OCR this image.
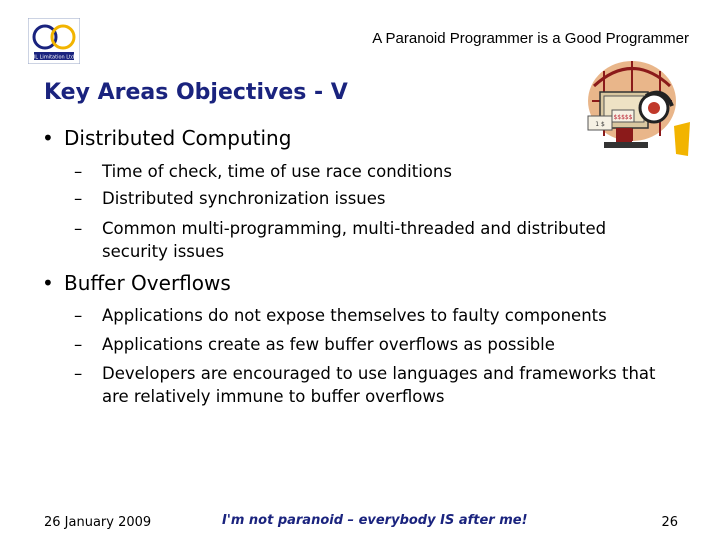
IL Limitation Ltd
A Paranoid Programmer is a Good Programmer
Key Areas Objectives - V
$$$$$
1 $
• Distributed Computing
–	Time of check, time of use race conditions
–	Distributed synchronization issues
–	Common multi-programming, multi-threaded and distributed security issues
• Buffer Overflows
–	Applications do not expose themselves to faulty components
–	Applications create as few buffer overflows as possible
–	Developers are encouraged to use languages and frameworks that are relatively immune to buffer overflows
26 January 2009	I'm not paranoid – everybody IS after me!	26
